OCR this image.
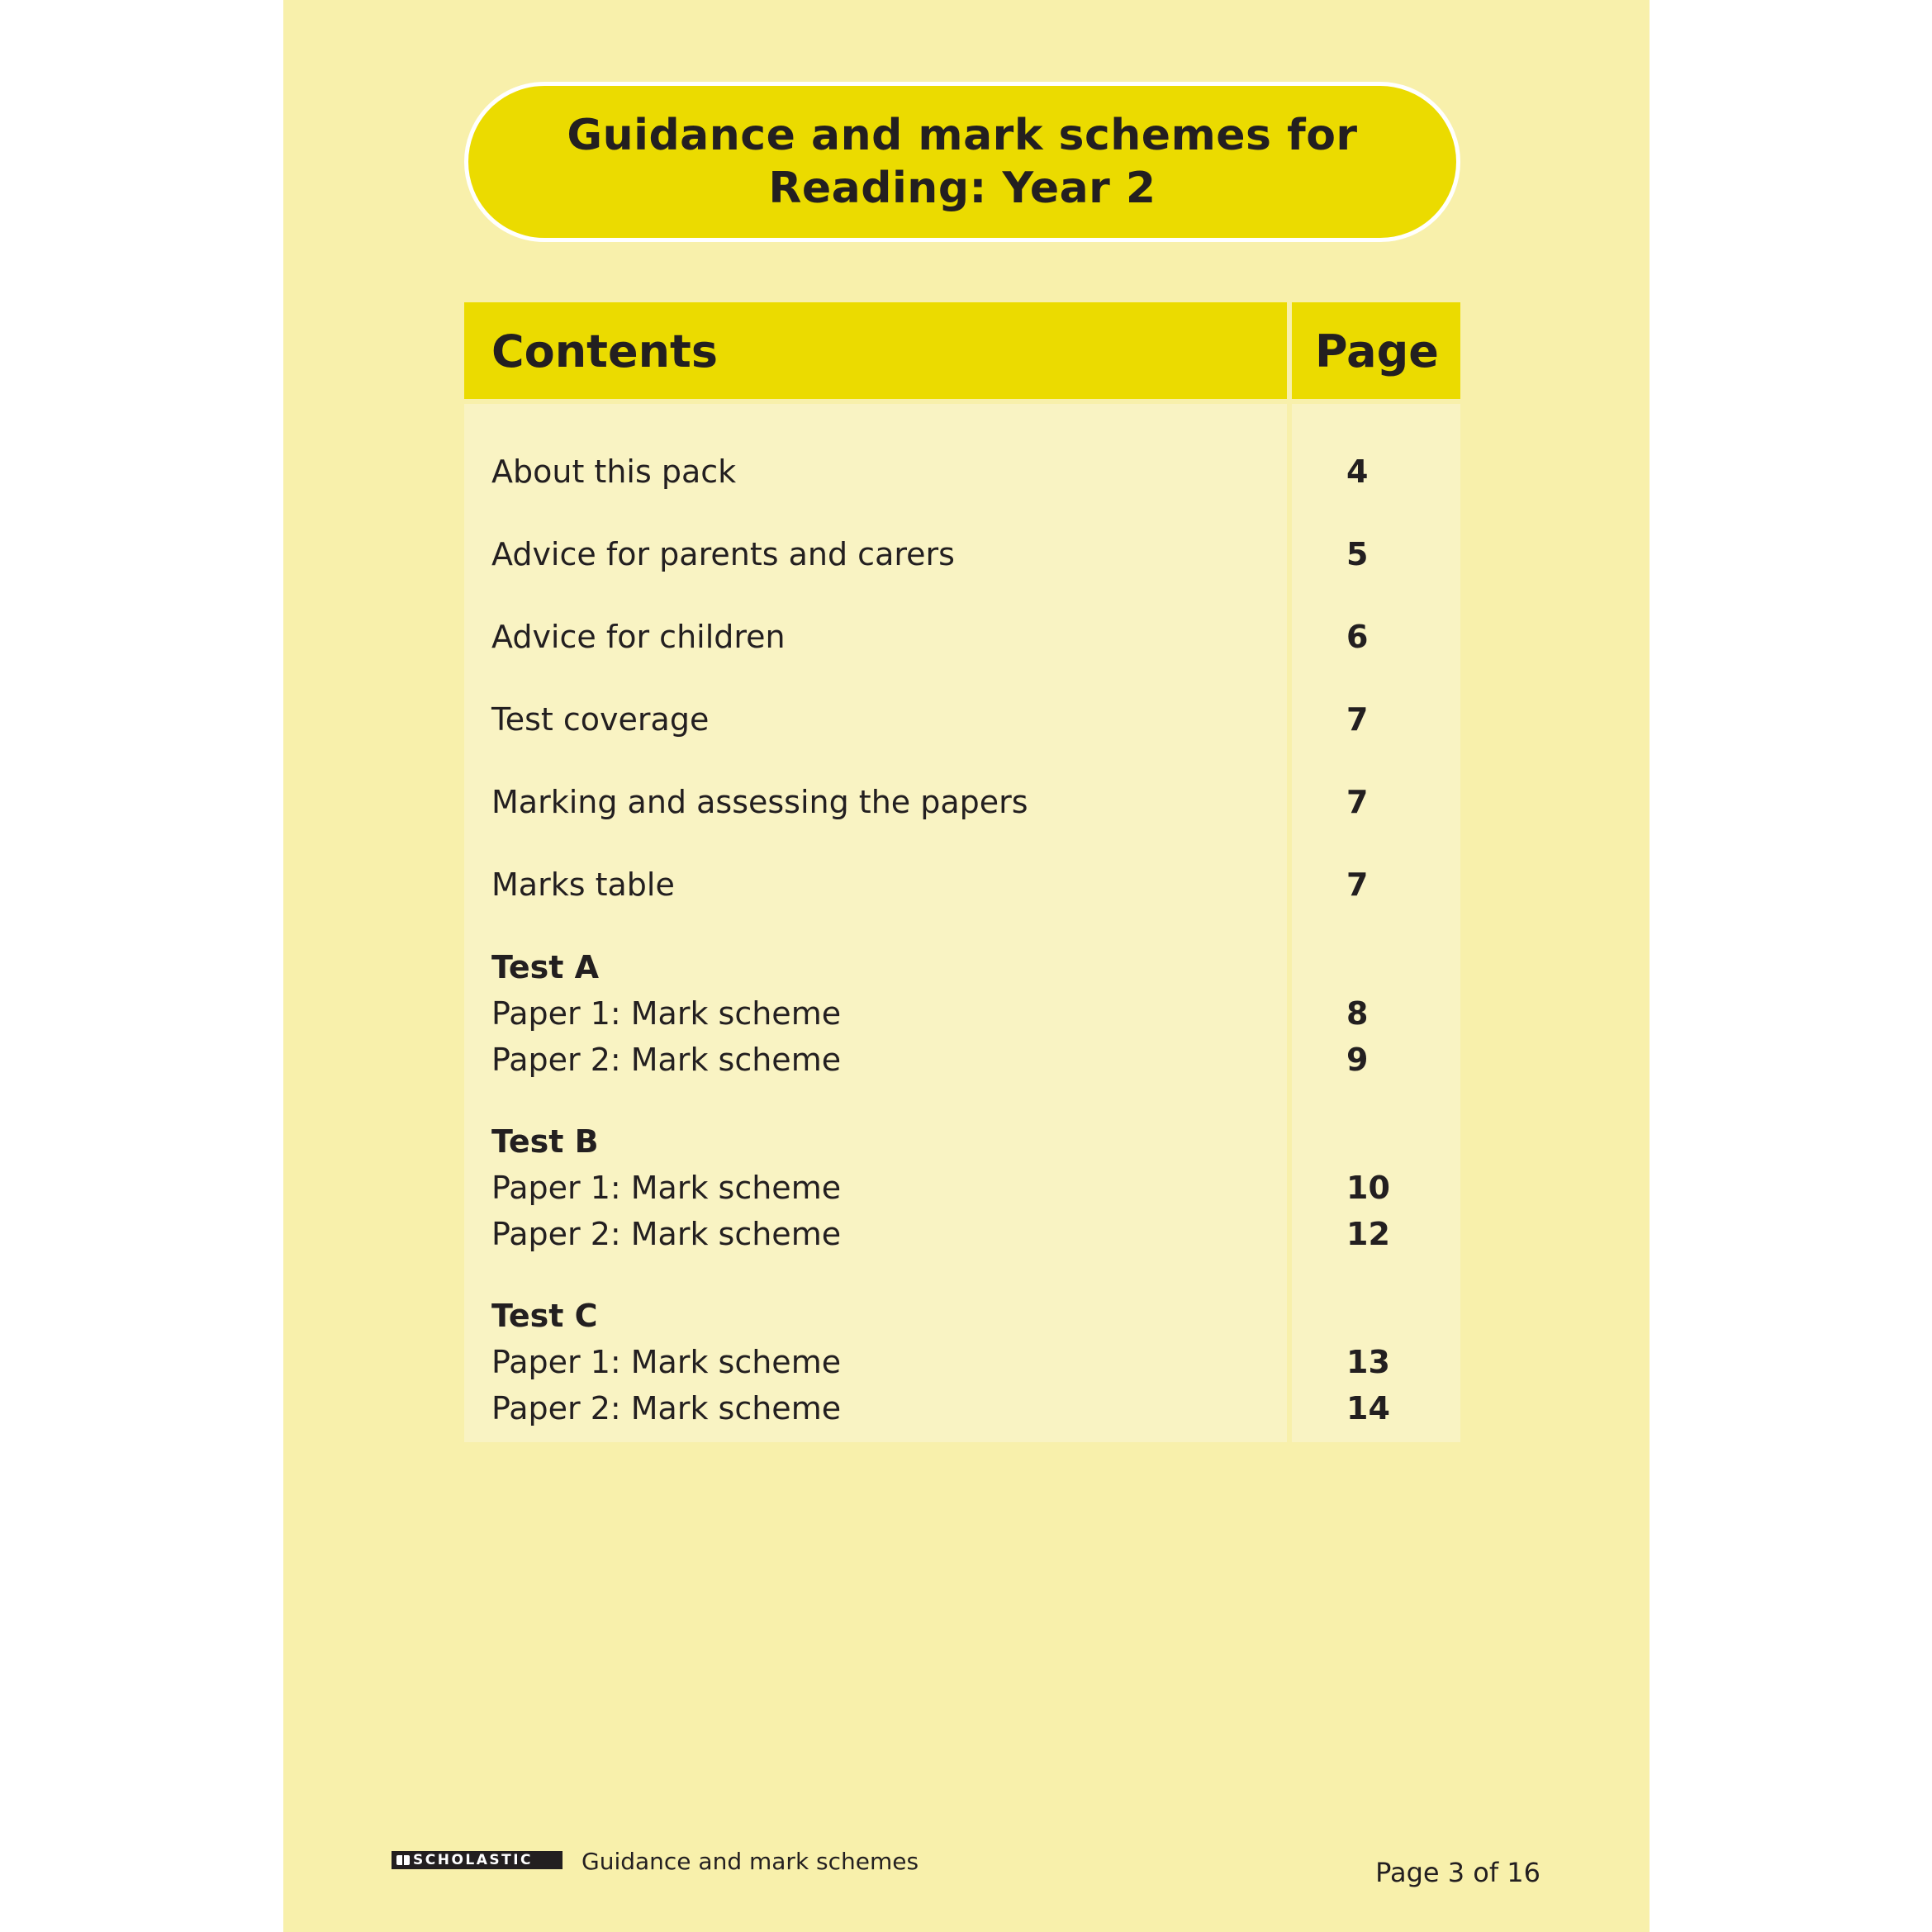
Guidance and mark schemes for
Reading: Year 2
Contents
About this pack
Advice for parents and carers
Advice for children
Test coverage
Marking and assessing the papers
Marks table
Test A
Paper 1: Mark scheme
Paper 2: Mark scheme
Test B
Paper 1: Mark scheme
Paper 2: Mark scheme
Test C
Paper 1: Mark scheme
Paper 2: Mark scheme
Page
4
5
6
7
7
7
8
9
10
12
13
14
SCHOLASTIC Guidance and mark schemes	Page 3 of 16
